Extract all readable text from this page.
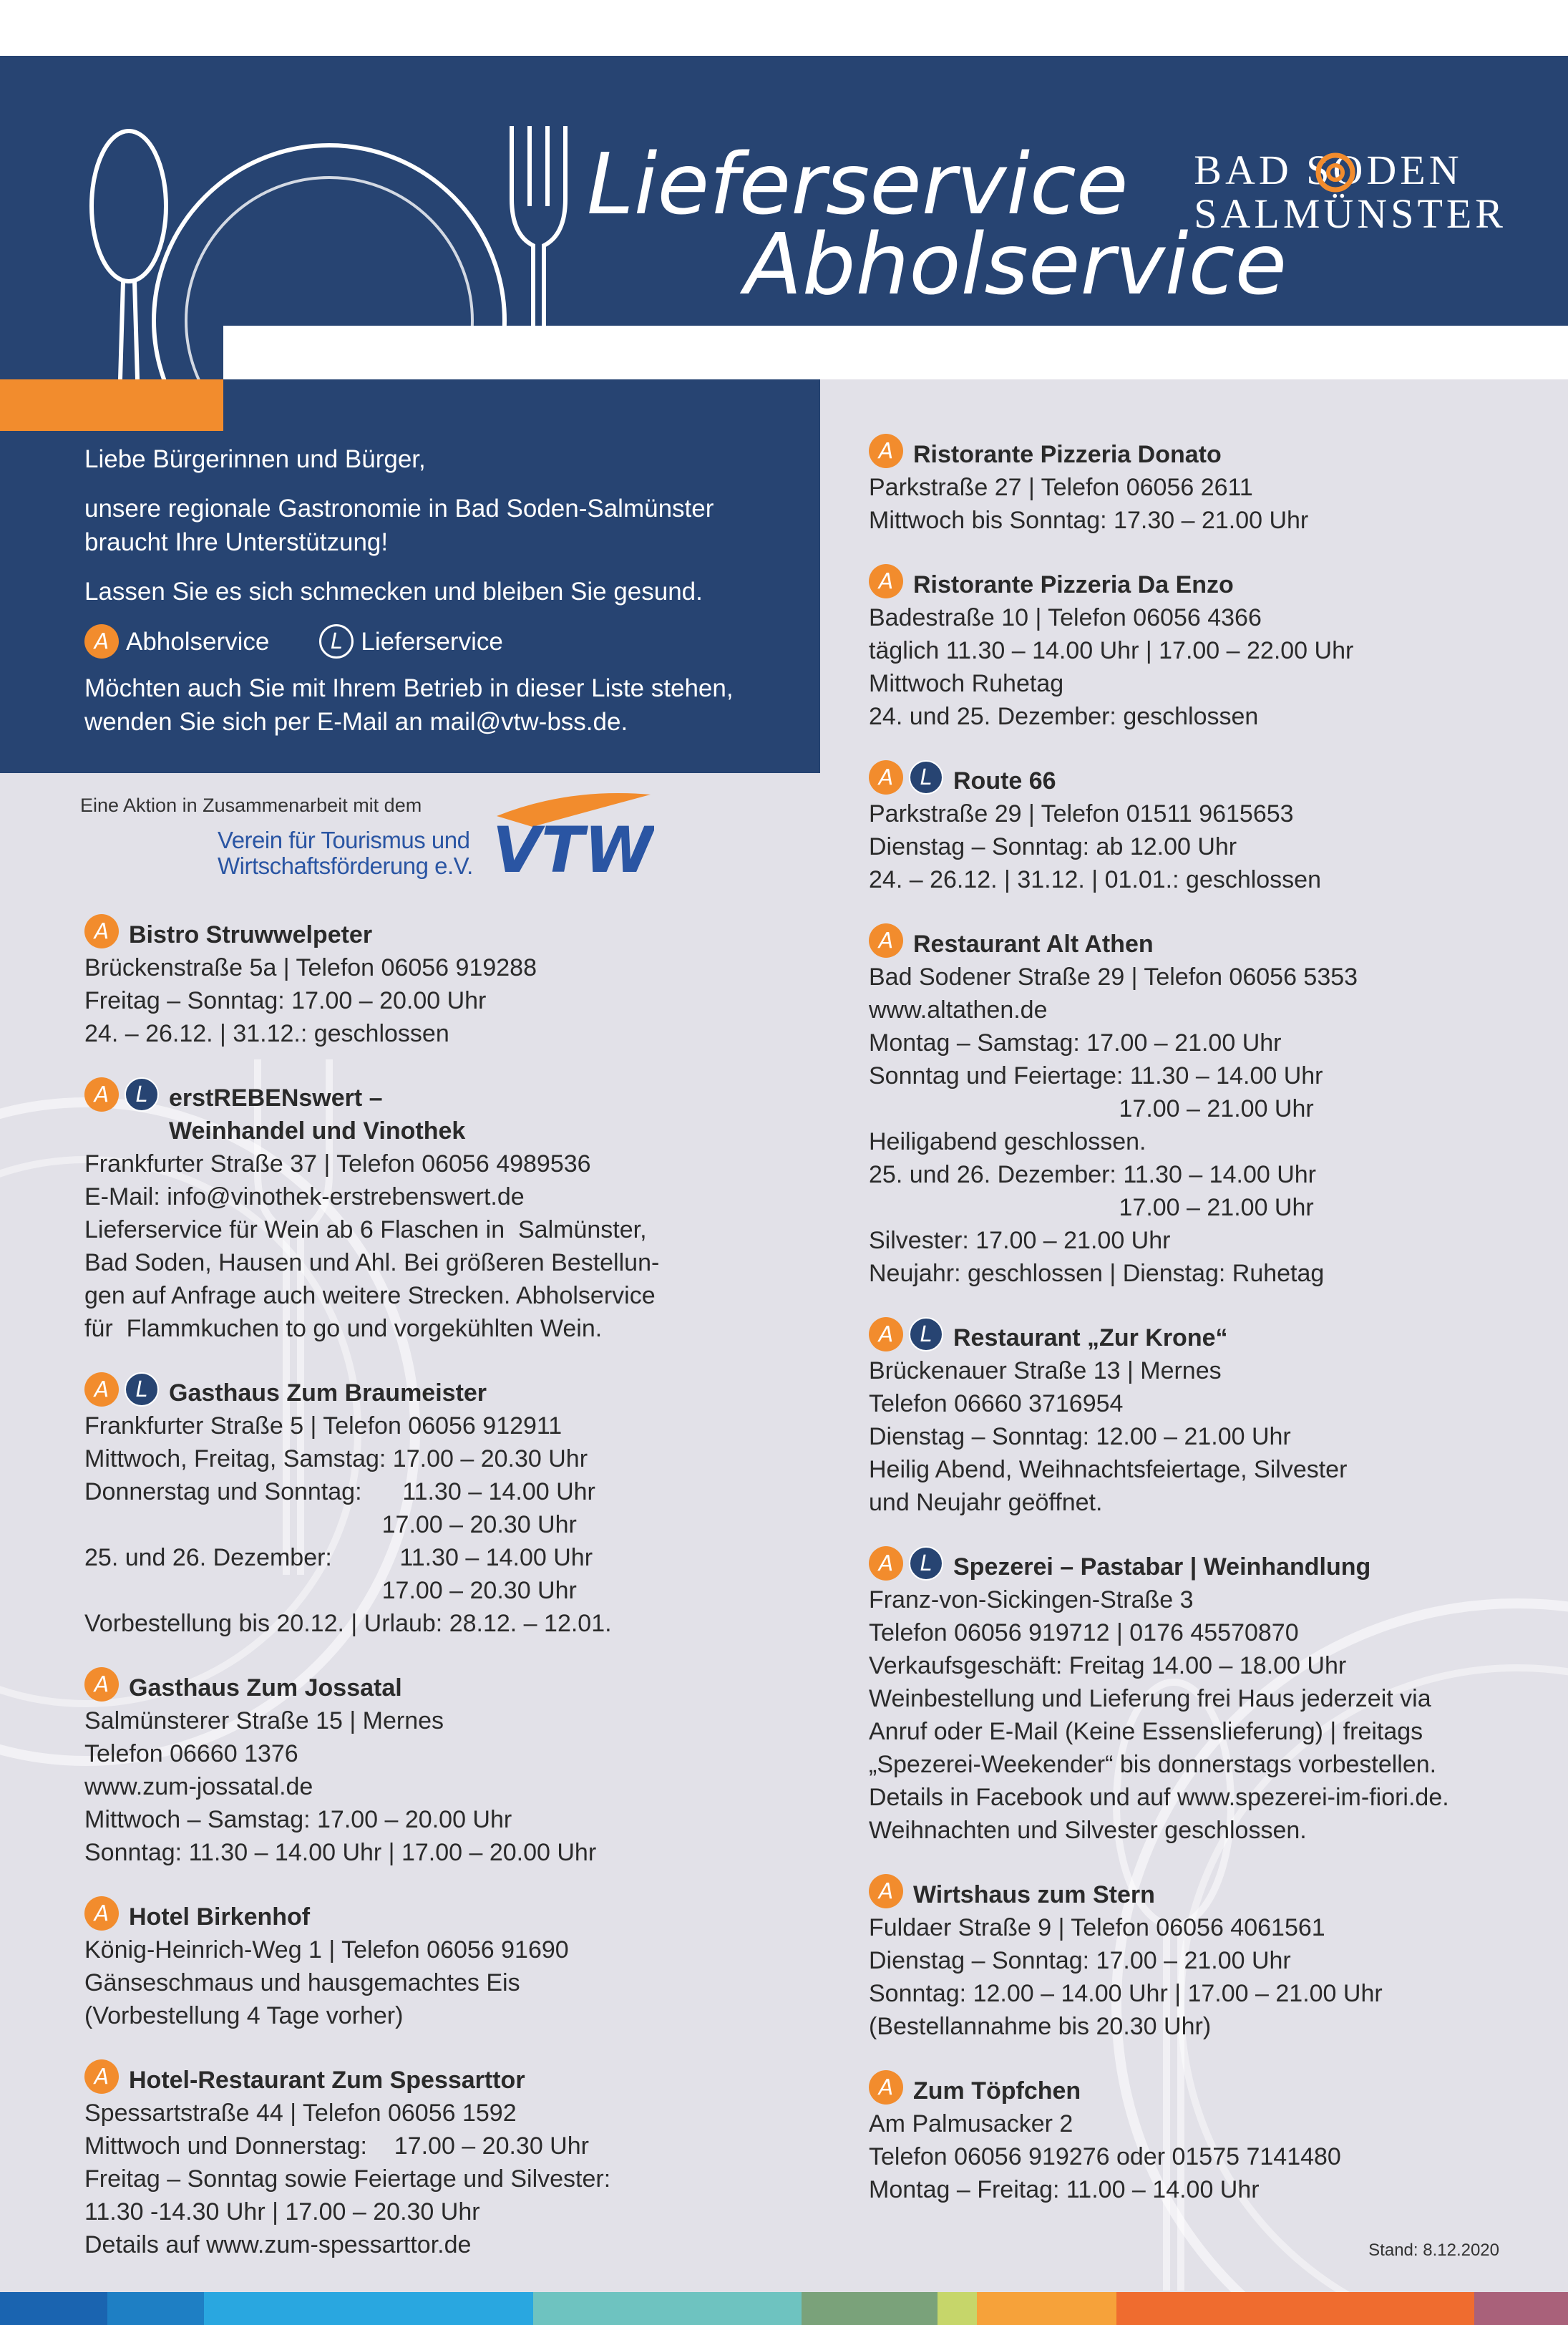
Lieferservice
Abholservice
BAD SODEN
SALMÜNSTER

Liebe Bürgerinnen und Bürger,

unsere regionale Gastronomie in Bad Soden-Salmünster braucht Ihre Unterstützung!

Lassen Sie es sich schmecken und bleiben Sie gesund.

A Abholservice	L Lieferservice

Möchten auch Sie mit Ihrem Betrieb in dieser Liste stehen, wenden Sie sich per E-Mail an mail@vtw-bss.de.

Eine Aktion in Zusammenarbeit mit dem
Verein für Tourismus und
Wirtschaftsförderung e.V. VTW
A Bistro Struwwelpeter
Brückenstraße 5a | Telefon 06056 919288
Freitag – Sonntag: 17.00 – 20.00 Uhr
24. – 26.12. | 31.12.: geschlossen
A	L erstREBENswert –
Weinhandel und Vinothek
Frankfurter Straße 37 | Telefon 06056 4989536
E-Mail: info@vinothek-erstrebenswert.de
Lieferservice für Wein ab 6 Flaschen in  Salmünster,
Bad Soden, Hausen und Ahl. Bei größeren Bestellun-
gen auf Anfrage auch weitere Strecken. Abholservice
für  Flammkuchen to go und vorgekühlten Wein.
A	L Gasthaus Zum Braumeister
Frankfurter Straße 5 | Telefon 06056 912911
Mittwoch, Freitag, Samstag: 17.00 – 20.30 Uhr
Donnerstag und Sonntag:      11.30 – 14.00 Uhr
17.00 – 20.30 Uhr
25. und 26. Dezember:          11.30 – 14.00 Uhr
17.00 – 20.30 Uhr
Vorbestellung bis 20.12. | Urlaub: 28.12. – 12.01.
A Gasthaus Zum Jossatal
Salmünsterer Straße 15 | Mernes
Telefon 06660 1376
www.zum-jossatal.de
Mittwoch – Samstag: 17.00 – 20.00 Uhr
Sonntag: 11.30 – 14.00 Uhr | 17.00 – 20.00 Uhr
A Hotel Birkenhof
König-Heinrich-Weg 1 | Telefon 06056 91690
Gänseschmaus und hausgemachtes Eis
(Vorbestellung 4 Tage vorher)
A Hotel-Restaurant Zum Spessarttor
Spessartstraße 44 | Telefon 06056 1592
Mittwoch und Donnerstag:    17.00 – 20.30 Uhr
Freitag – Sonntag sowie Feiertage und Silvester:
11.30 -14.30 Uhr | 17.00 – 20.30 Uhr
Details auf www.zum-spessarttor.de
A Ristorante Pizzeria Donato
Parkstraße 27 | Telefon 06056 2611
Mittwoch bis Sonntag: 17.30 – 21.00 Uhr
A Ristorante Pizzeria Da Enzo
Badestraße 10 | Telefon 06056 4366
täglich 11.30 – 14.00 Uhr | 17.00 – 22.00 Uhr
Mittwoch Ruhetag
24. und 25. Dezember: geschlossen
A	L Route 66
Parkstraße 29 | Telefon 01511 9615653
Dienstag – Sonntag: ab 12.00 Uhr
24. – 26.12. | 31.12. | 01.01.: geschlossen
A Restaurant Alt Athen
Bad Sodener Straße 29 | Telefon 06056 5353
www.altathen.de
Montag – Samstag: 17.00 – 21.00 Uhr
Sonntag und Feiertage: 11.30 – 14.00 Uhr
17.00 – 21.00 Uhr
Heiligabend geschlossen.
25. und 26. Dezember: 11.30 – 14.00 Uhr
17.00 – 21.00 Uhr
Silvester: 17.00 – 21.00 Uhr
Neujahr: geschlossen | Dienstag: Ruhetag
A	L Restaurant „Zur Krone“
Brückenauer Straße 13 | Mernes
Telefon 06660 3716954
Dienstag – Sonntag: 12.00 – 21.00 Uhr
Heilig Abend, Weihnachtsfeiertage, Silvester
und Neujahr geöffnet.
A	L Spezerei – Pastabar | Weinhandlung
Franz-von-Sickingen-Straße 3
Telefon 06056 919712 | 0176 45570870
Verkaufsgeschäft: Freitag 14.00 – 18.00 Uhr
Weinbestellung und Lieferung frei Haus jederzeit via
Anruf oder E-Mail (Keine Essenslieferung) | freitags
„Spezerei-Weekender“ bis donnerstags vorbestellen.
Details in Facebook und auf www.spezerei-im-fiori.de.
Weihnachten und Silvester geschlossen.
A Wirtshaus zum Stern
Fuldaer Straße 9 | Telefon 06056 4061561
Dienstag – Sonntag: 17.00 – 21.00 Uhr
Sonntag: 12.00 – 14.00 Uhr | 17.00 – 21.00 Uhr
(Bestellannahme bis 20.30 Uhr)
A Zum Töpfchen
Am Palmusacker 2
Telefon 06056 919276 oder 01575 7141480
Montag – Freitag: 11.00 – 14.00 Uhr
Stand: 8.12.2020
